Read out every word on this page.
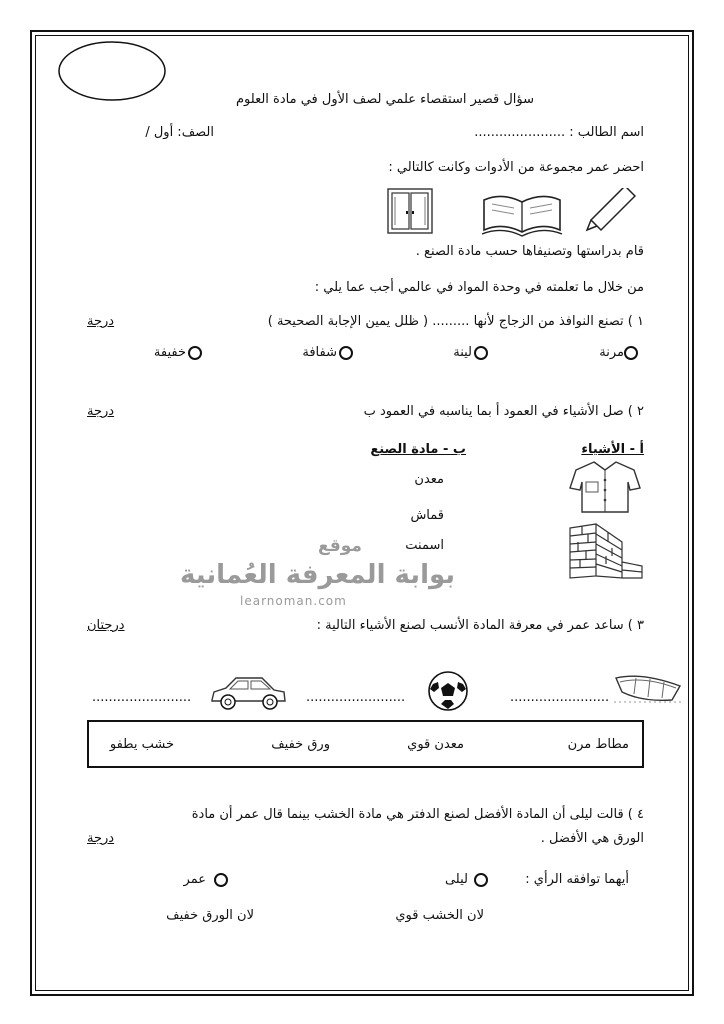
سؤال قصير استقصاء علمي لصف الأول في مادة العلوم
اسم الطالب : ......................
الصف: أول /
احضر عمر مجموعة من الأدوات وكانت كالتالي :
قام بدراستها وتصنيفاها حسب مادة الصنع .
من خلال ما تعلمته في وحدة المواد في عالمي أجب عما يلي :
١ ) تصنع النوافذ من الزجاج لأنها ......... ( ظلل يمين الإجابة الصحيحة )
درجة
مرنة
لينة
شفافة
خفيفة
٢ ) صل الأشياء في العمود أ بما يناسبه في العمود ب
درجة
أ - الأشياء
ب - مادة الصنع
معدن
قماش
اسمنت
موقع
بوابة المعرفة العُمانية
learnoman.com
٣ ) ساعد عمر في معرفة المادة الأنسب لصنع الأشياء التالية :
درجتان
........................
........................
........................
مطاط مرن
معدن قوي
ورق خفيف
خشب يطفو
٤ ) قالت ليلى أن المادة الأفضل لصنع الدفتر هي مادة الخشب بينما قال عمر أن مادة
الورق هي الأفضل .
درجة
أيهما توافقه الرأي :
ليلى
عمر
لان الخشب قوي
لان الورق خفيف
